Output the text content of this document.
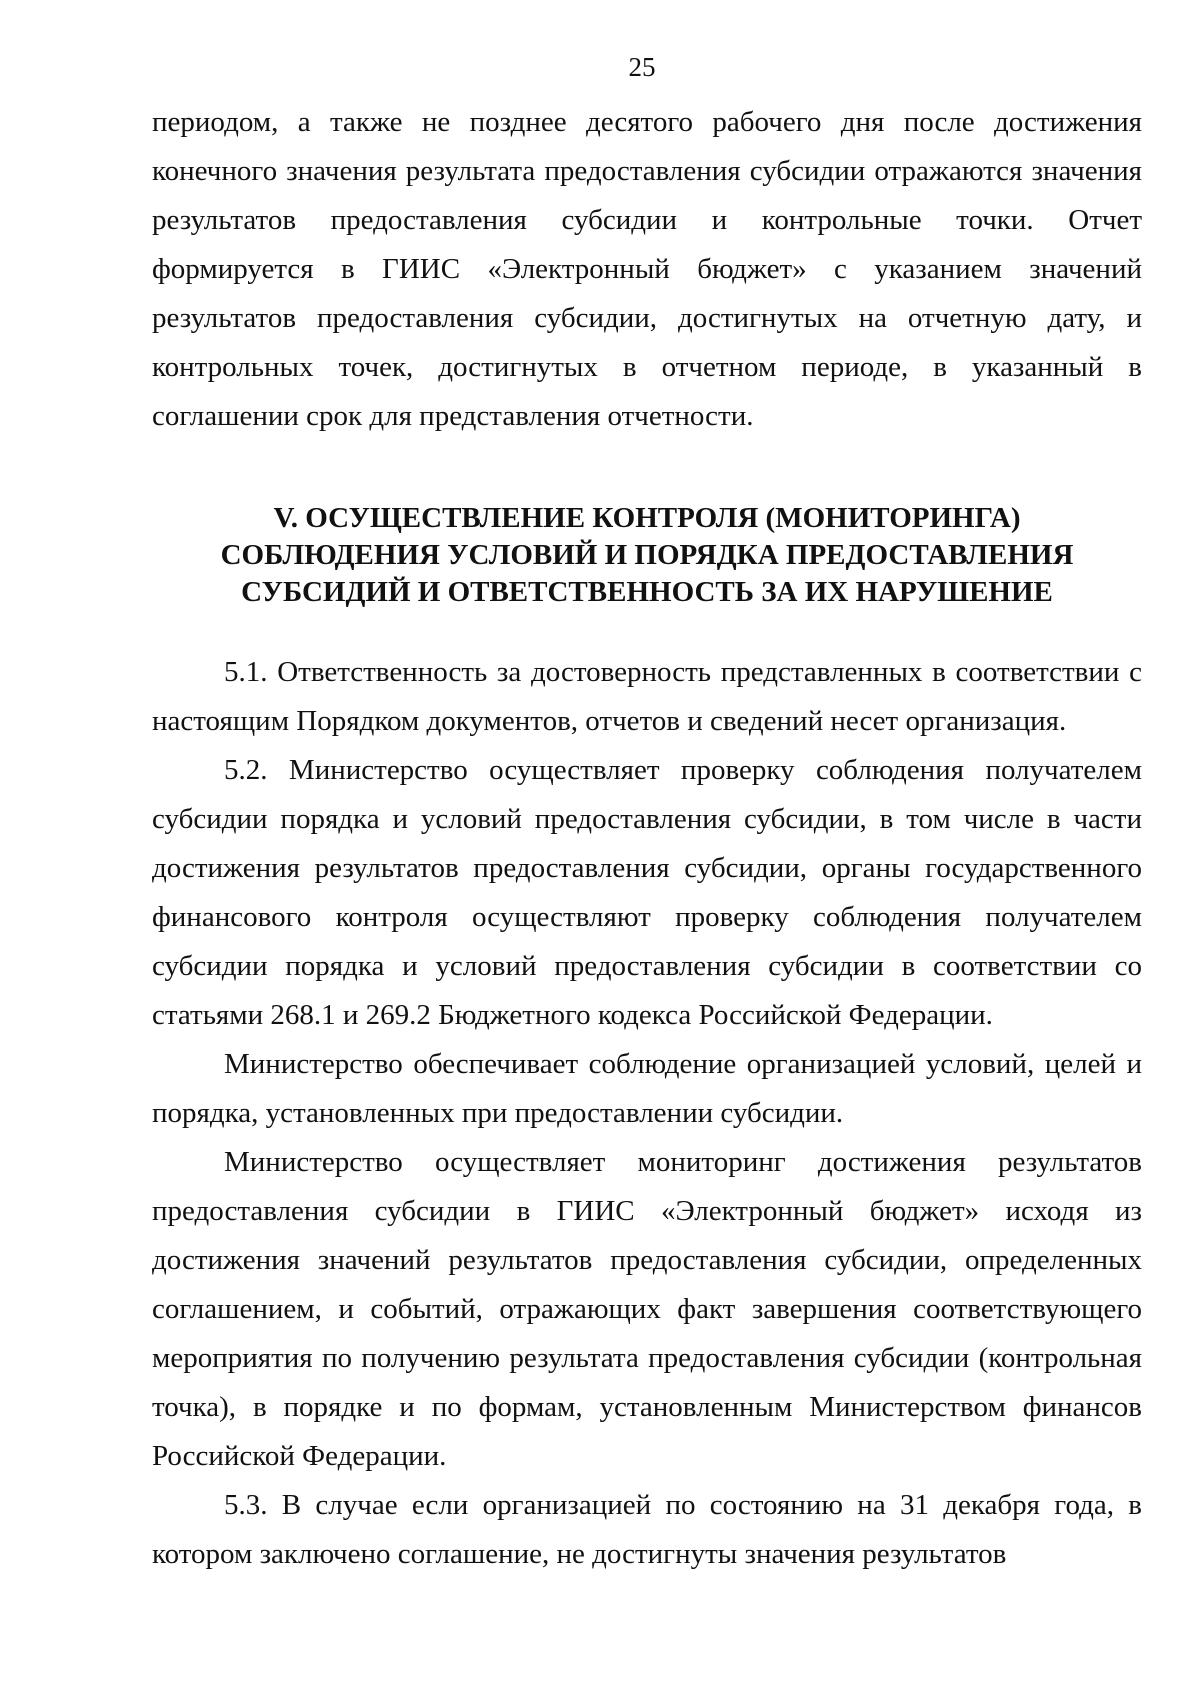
25

периодом, а также не позднее десятого рабочего дня после достижения конечного значения результата предоставления субсидии отражаются значения результатов предоставления субсидии и контрольные точки. Отчет формируется в ГИИС «Электронный бюджет» с указанием значений результатов предоставления субсидии, достигнутых на отчетную дату, и контрольных точек, достигнутых в отчетном периоде, в указанный в соглашении срок для представления отчетности.

V. ОСУЩЕСТВЛЕНИЕ КОНТРОЛЯ (МОНИТОРИНГА)
СОБЛЮДЕНИЯ УСЛОВИЙ И ПОРЯДКА ПРЕДОСТАВЛЕНИЯ
СУБСИДИЙ И ОТВЕТСТВЕННОСТЬ ЗА ИХ НАРУШЕНИЕ

5.1. Ответственность за достоверность представленных в соответствии с настоящим Порядком документов, отчетов и сведений несет организация.

5.2. Министерство осуществляет проверку соблюдения получателем субсидии порядка и условий предоставления субсидии, в том числе в части достижения результатов предоставления субсидии, органы государственного финансового контроля осуществляют проверку соблюдения получателем субсидии порядка и условий предоставления субсидии в соответствии со статьями 268.1 и 269.2 Бюджетного кодекса Российской Федерации.

Министерство обеспечивает соблюдение организацией условий, целей и порядка, установленных при предоставлении субсидии.

Министерство осуществляет мониторинг достижения результатов предоставления субсидии в ГИИС «Электронный бюджет» исходя из достижения значений результатов предоставления субсидии, определенных соглашением, и событий, отражающих факт завершения соответствующего мероприятия по получению результата предоставления субсидии (контрольная точка), в порядке и по формам, установленным Министерством финансов Российской Федерации.

5.3. В случае если организацией по состоянию на 31 декабря года, в котором заключено соглашение, не достигнуты значения результатов
